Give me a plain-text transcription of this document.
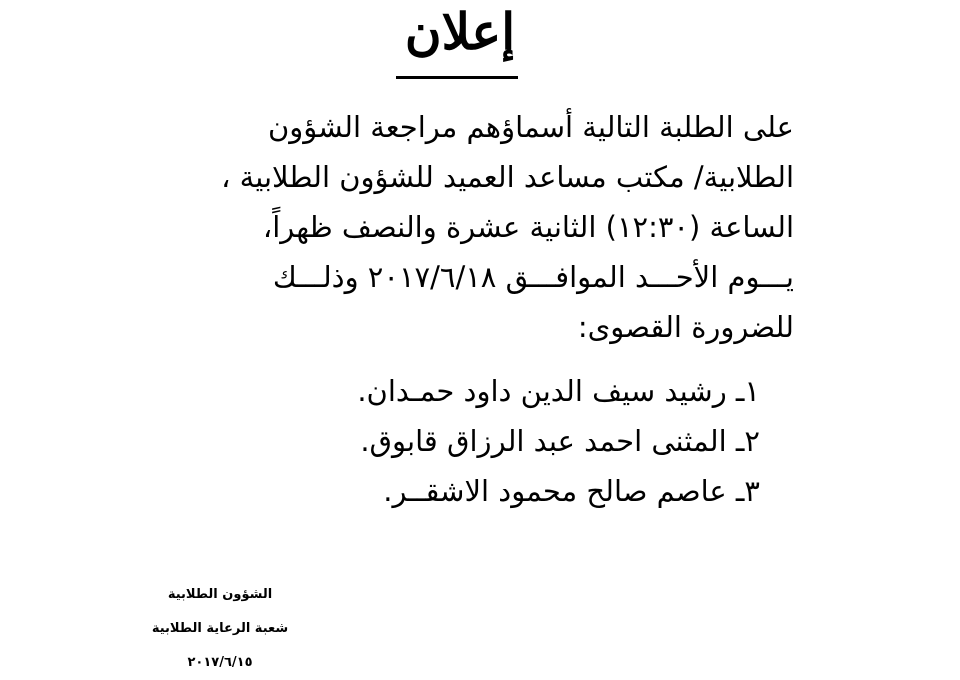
إعلان
على الطلبة التالية أسماؤهم مراجعة الشؤون
الطلابية/ مكتب مساعد العميد للشؤون الطلابية ،
الساعة (١٢:٣٠) الثانية عشرة والنصف ظهراً،
يـــوم الأحـــد الموافـــق ٢٠١٧/٦/١٨ وذلـــك
للضرورة القصوى:
١ـ رشيد سيف الدين داود حمـدان.
٢ـ المثنى احمد عبد الرزاق قابوق.
٣ـ عاصم صالح محمود الاشقــر.
الشؤون الطلابية
شعبة الرعاية الطلابية
٢٠١٧/٦/١٥
